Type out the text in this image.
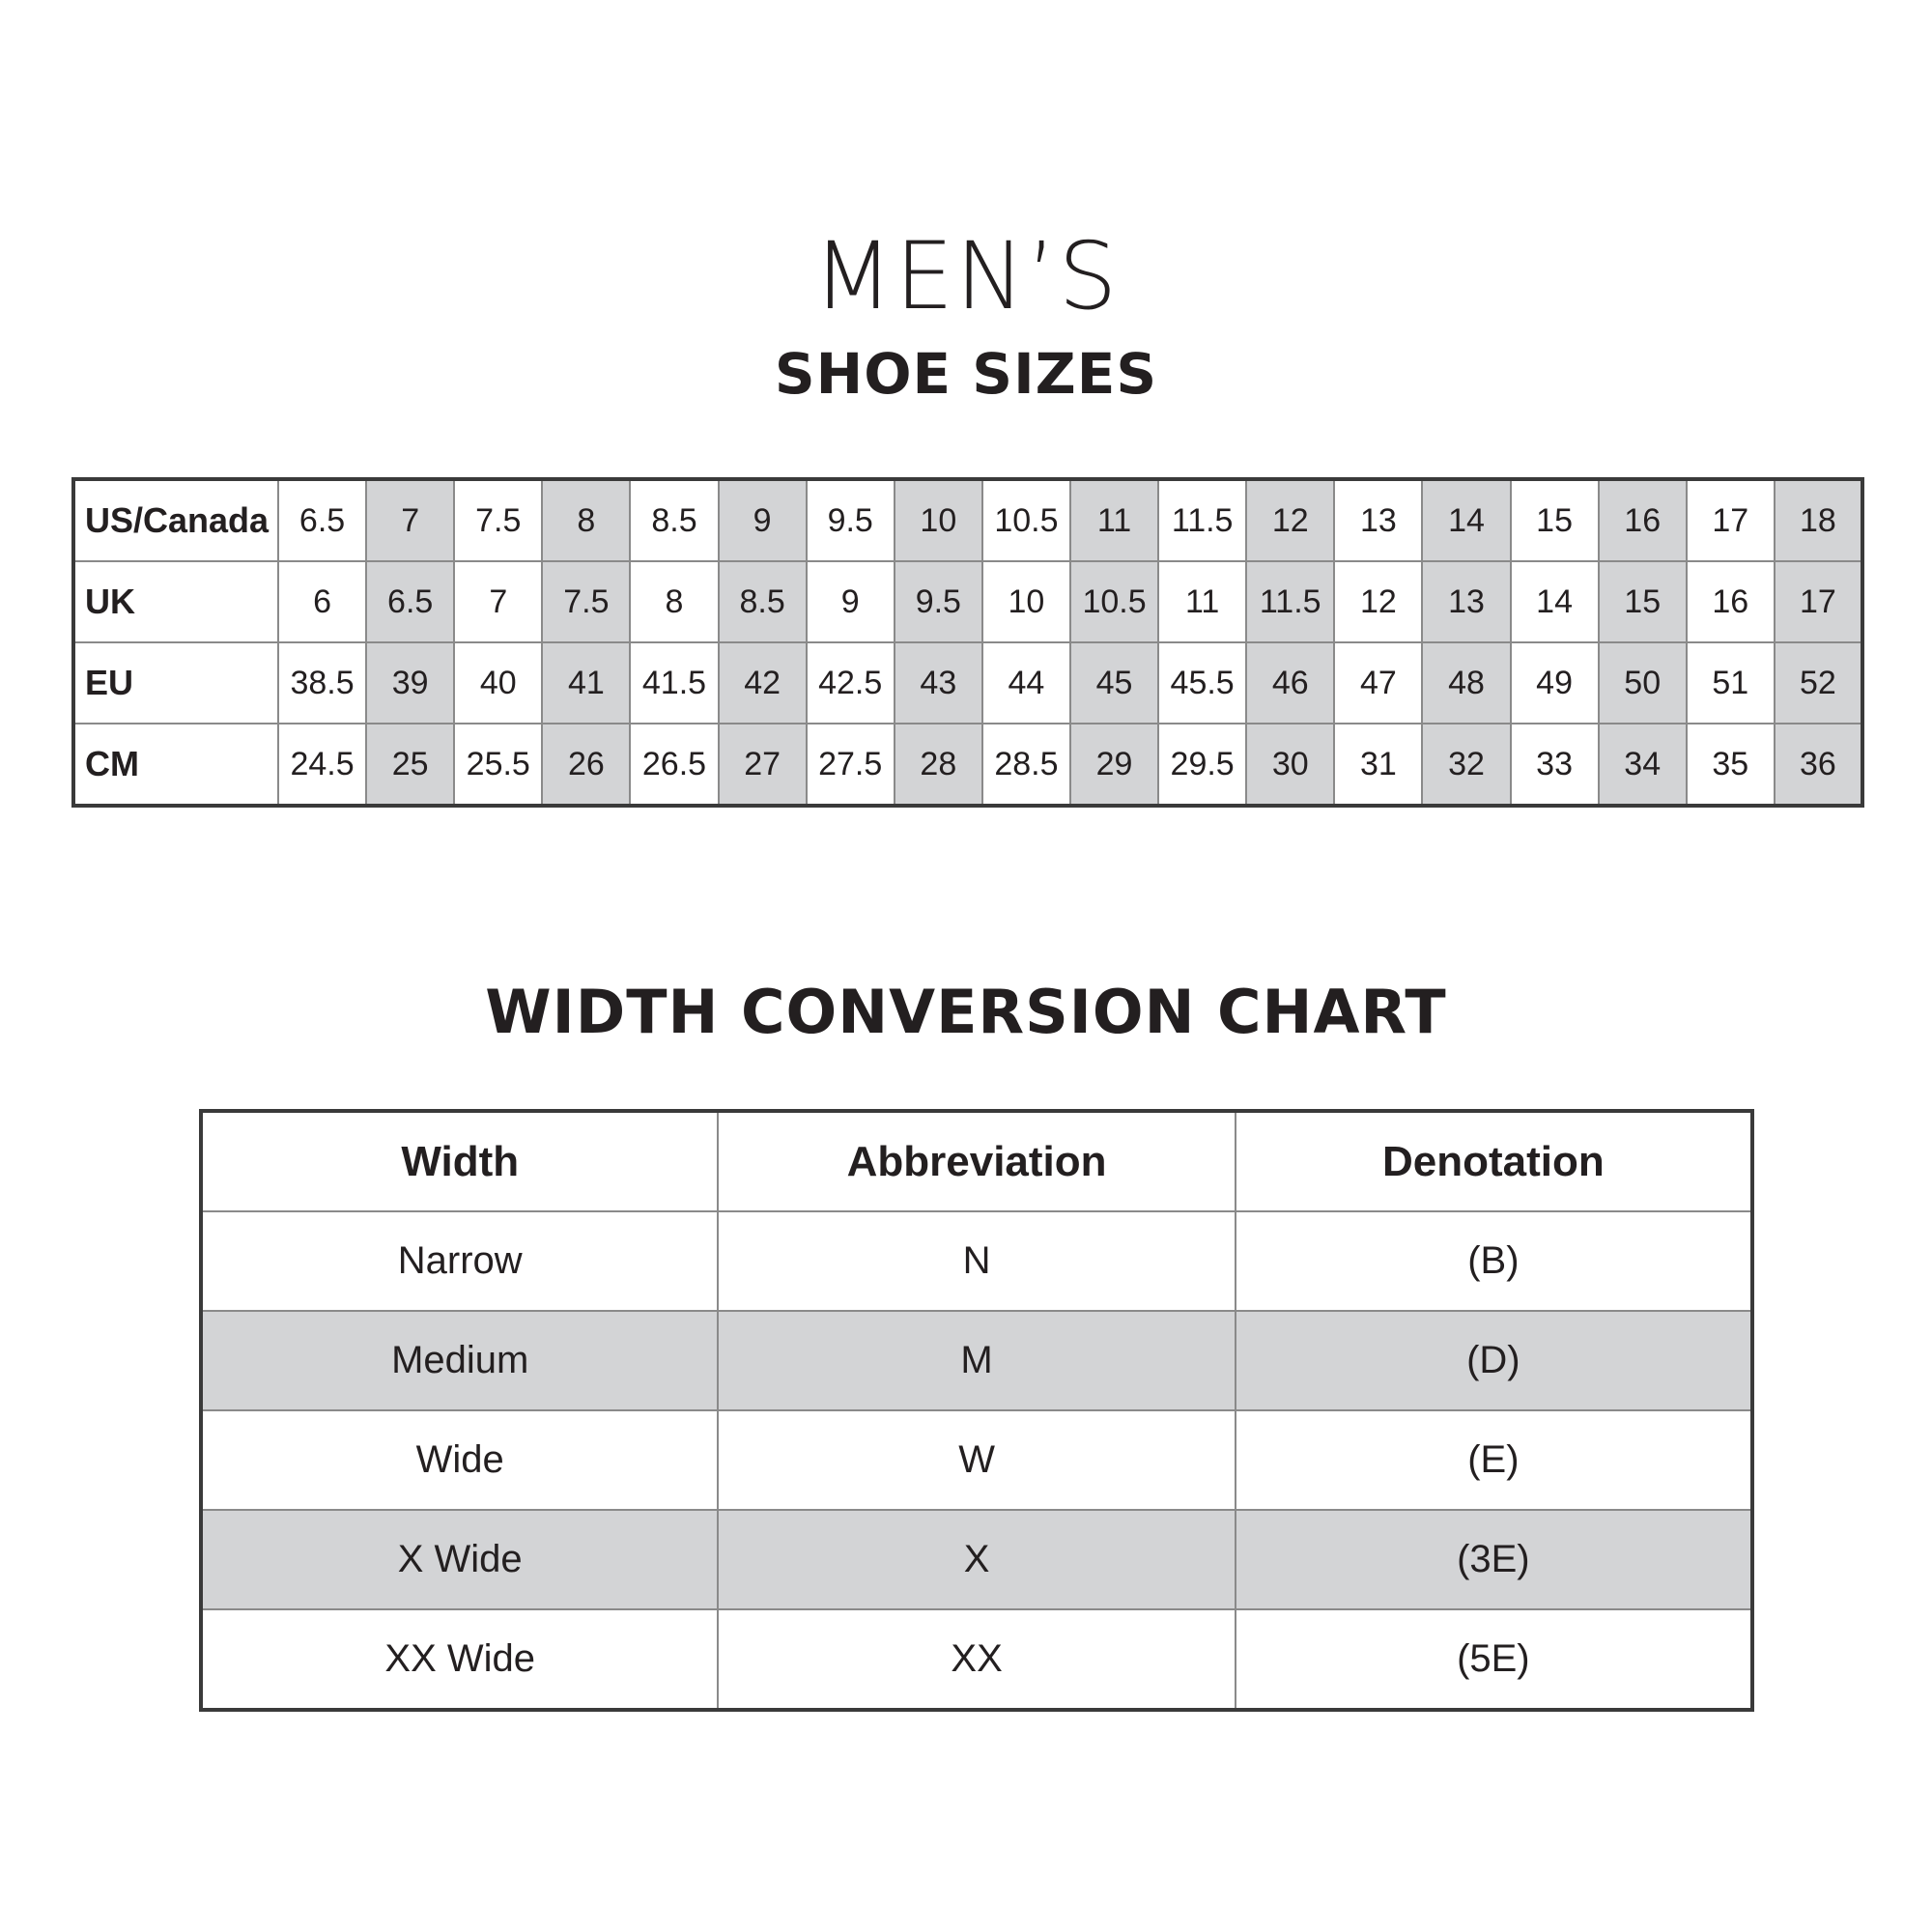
MEN’S
SHOE SIZES
US/Canada	6.5	7	7.5	8	8.5	9	9.5	10	10.5	11	11.5	12	13	14	15	16	17	18
UK	6	6.5	7	7.5	8	8.5	9	9.5	10	10.5	11	11.5	12	13	14	15	16	17
EU	38.5	39	40	41	41.5	42	42.5	43	44	45	45.5	46	47	48	49	50	51	52
CM	24.5	25	25.5	26	26.5	27	27.5	28	28.5	29	29.5	30	31	32	33	34	35	36
WIDTH CONVERSION CHART
Width	Abbreviation	Denotation
Narrow	N	(B)
Medium	M	(D)
Wide	W	(E)
X Wide	X	(3E)
XX Wide	XX	(5E)
